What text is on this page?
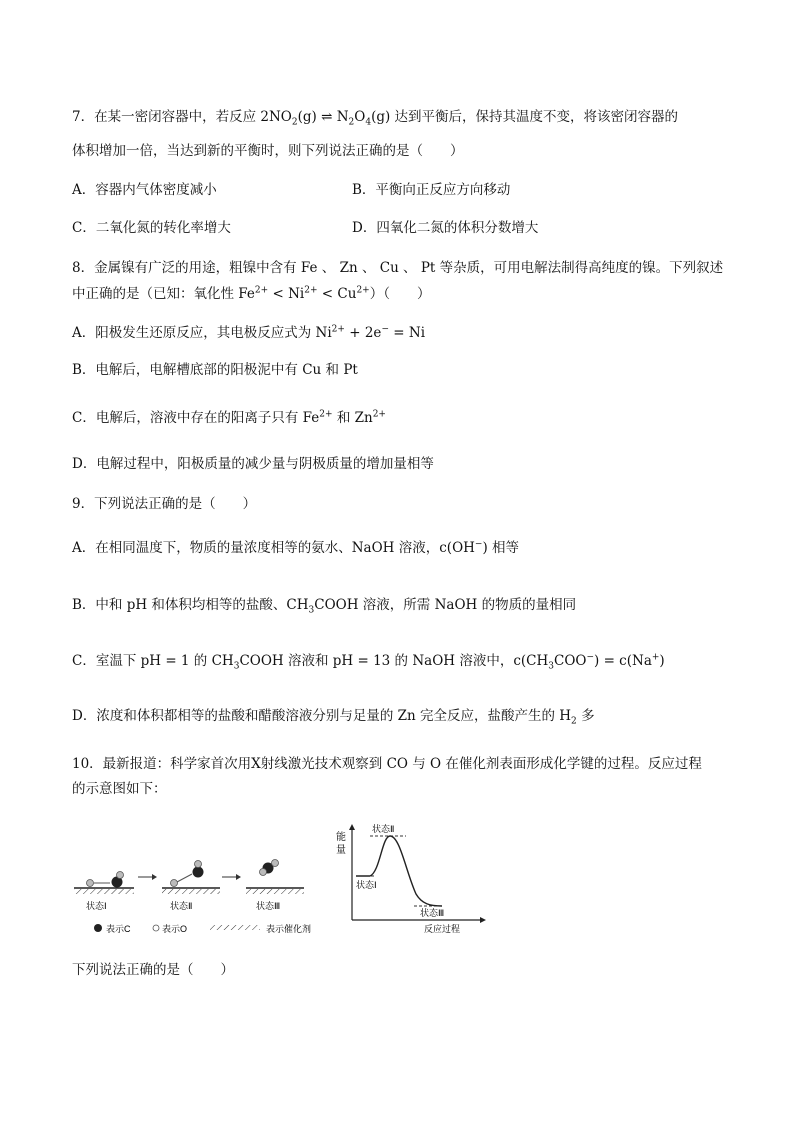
7．在某一密闭容器中，若反应 $2NO_2(g)$ ⇌ $N_2O_4(g)$ 达到平衡后，保持其温度不变，将该密闭容器的
体积增加一倍，当达到新的平衡时，则下列说法正确的是（　　）
A．容器内气体密度减小	B．平衡向正反应方向移动
C．二氧化氮的转化率增大	D．四氧化二氮的体积分数增大
8．金属镍有广泛的用途，粗镍中含有 Fe 、 Zn 、 Cu 、 Pt 等杂质，可用电解法制得高纯度的镍。下列叙述
中正确的是（已知：氧化性 $Fe^{2+} < Ni^{2+} < Cu^{2+}$）（　　）
A．阳极发生还原反应，其电极反应式为 $Ni^{2+} + 2e^- = Ni$
B．电解后，电解槽底部的阳极泥中有 Cu 和 Pt
C．电解后，溶液中存在的阳离子只有 $Fe^{2+}$ 和 $Zn^{2+}$
D．电解过程中，阳极质量的减少量与阴极质量的增加量相等
9．下列说法正确的是（　　）
A．在相同温度下，物质的量浓度相等的氨水、NaOH 溶液，c(OH−) 相等
B．中和 pH 和体积均相等的盐酸、$CH_3COOH$ 溶液，所需 NaOH 的物质的量相同
C．室温下 pH = 1 的 $CH_3COOH$ 溶液和 pH = 13 的 NaOH 溶液中，$c(CH_3COO^-) = c(Na^+)$
D．浓度和体积都相等的盐酸和醋酸溶液分别与足量的 Zn 完全反应，盐酸产生的 $H_2$ 多
10．最新报道：科学家首次用X射线激光技术观察到 CO 与 O 在催化剂表面形成化学键的过程。反应过程
的示意图如下：
状态Ⅰ	状态Ⅱ	状态Ⅲ
表示C	表示O	表示催化剂
能
量
反应过程
状态Ⅱ
状态Ⅰ
状态Ⅲ
下列说法正确的是（　　）
